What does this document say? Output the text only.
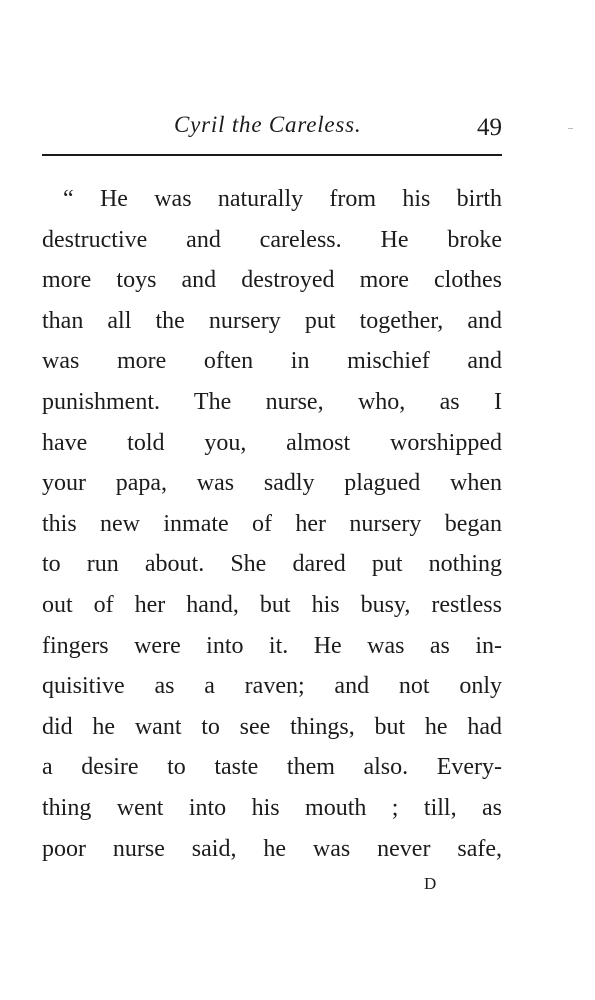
Cyril the Careless.	49
“ He was naturally from his birth
destructive and careless. He broke
more toys and destroyed more clothes
than all the nursery put together, and
was more often in mischief and
punishment. The nurse, who, as I
have told you, almost worshipped
your papa, was sadly plagued when
this new inmate of her nursery began
to run about. She dared put nothing
out of her hand, but his busy, restless
fingers were into it. He was as in-
quisitive as a raven; and not only
did he want to see things, but he had
a desire to taste them also. Every-
thing went into his mouth ; till, as
poor nurse said, he was never safe,
D
